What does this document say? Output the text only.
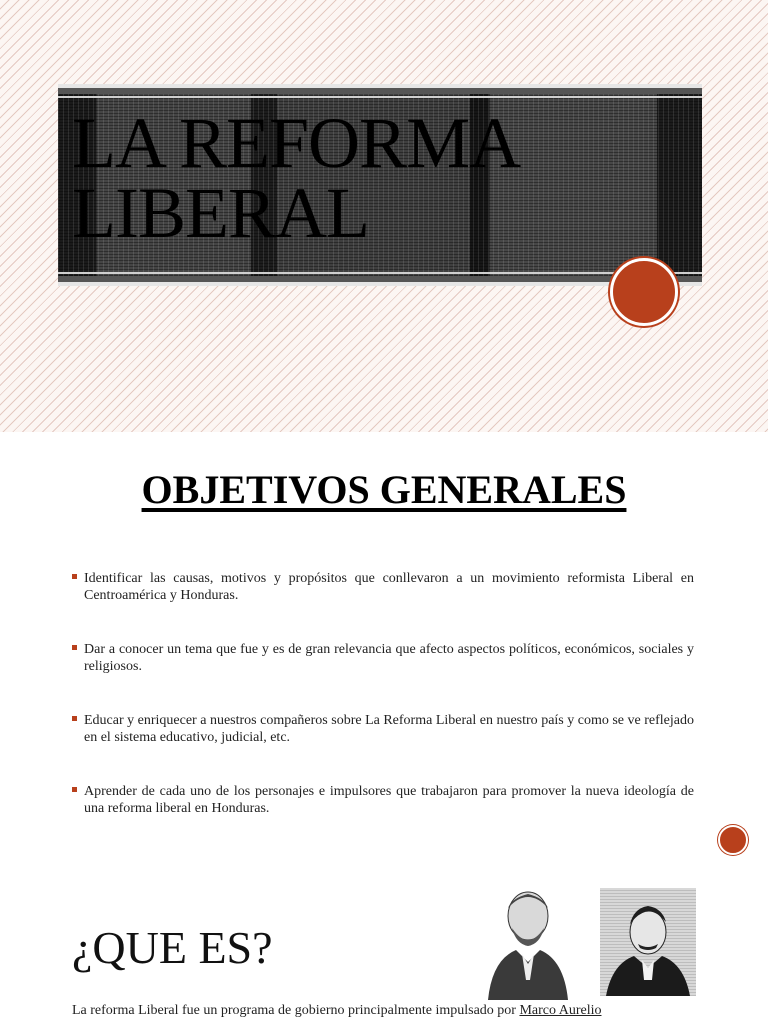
LA REFORMA
LIBERAL
OBJETIVOS GENERALES
Identificar las causas, motivos y propósitos que conllevaron a un movimiento reformista Liberal en Centroamérica y Honduras.
Dar a conocer un tema que fue y es de gran relevancia que afecto aspectos políticos, económicos, sociales y religiosos.
Educar y enriquecer a nuestros compañeros sobre La Reforma Liberal en nuestro país y como se ve reflejado en el sistema educativo, judicial, etc.
Aprender de cada uno de los personajes e impulsores que trabajaron para promover la nueva ideología de una reforma liberal en Honduras.
¿QUE ES?
La reforma Liberal fue un programa de gobierno principalmente impulsado por Marco Aurelio
